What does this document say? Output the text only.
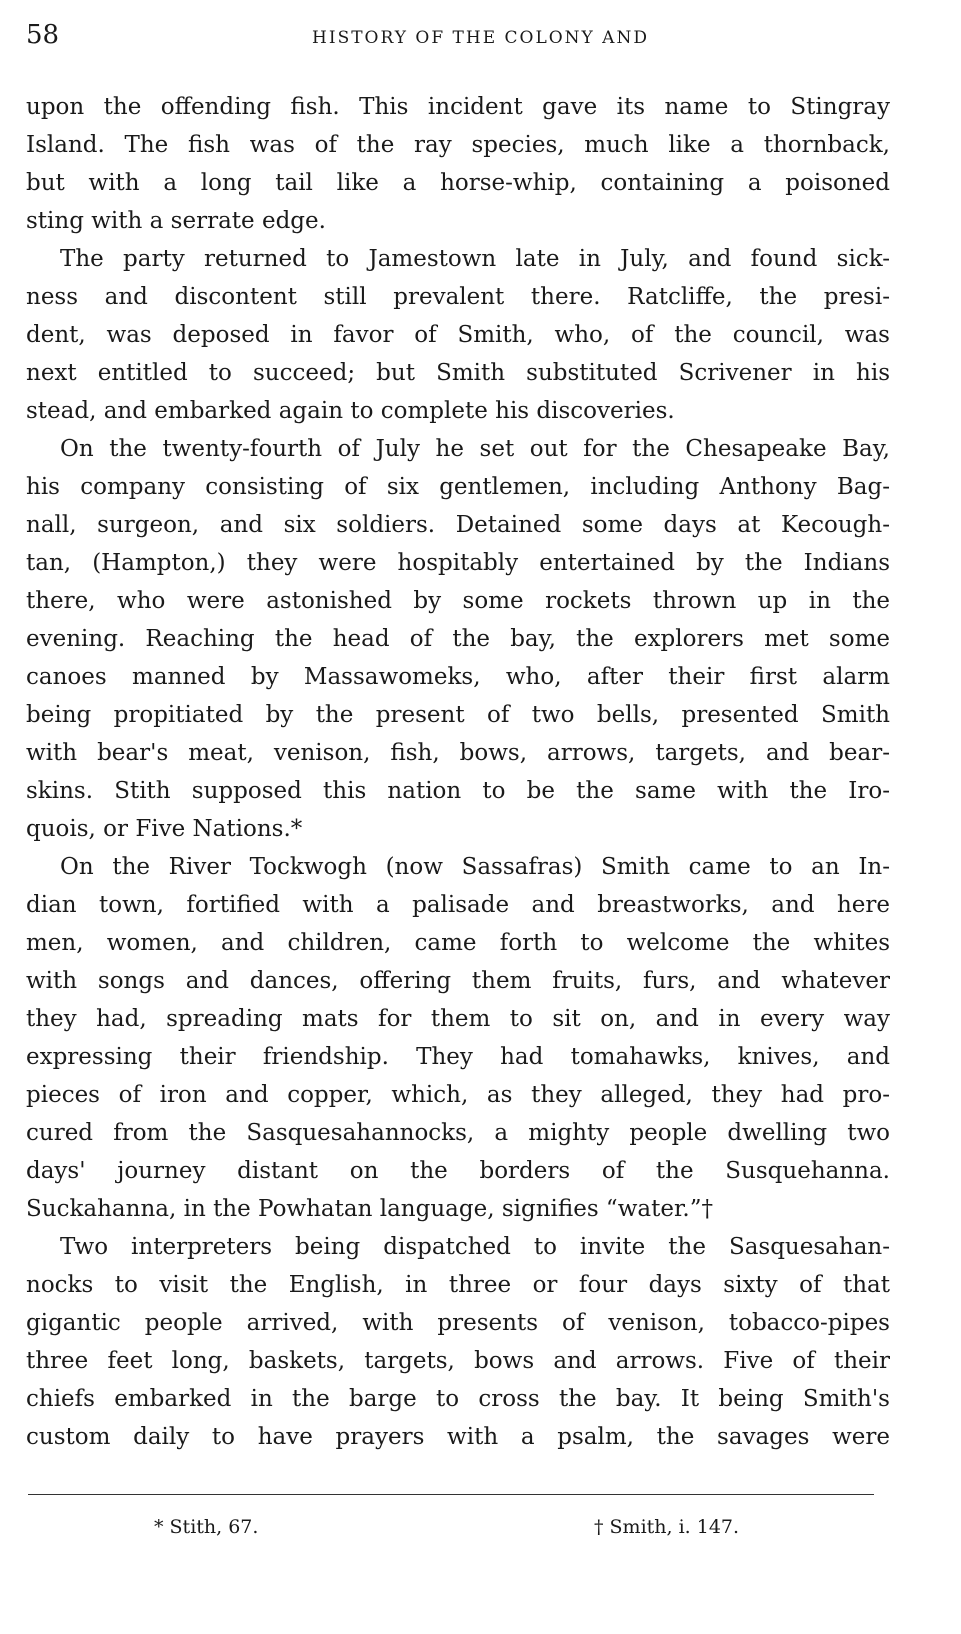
58	HISTORY OF THE COLONY AND
upon the offending fish. This incident gave its name to Stingray
Island. The fish was of the ray species, much like a thornback,
but with a long tail like a horse-whip, containing a poisoned
sting with a serrate edge.
The party returned to Jamestown late in July, and found sick-
ness and discontent still prevalent there. Ratcliffe, the presi-
dent, was deposed in favor of Smith, who, of the council, was
next entitled to succeed; but Smith substituted Scrivener in his
stead, and embarked again to complete his discoveries.
On the twenty-fourth of July he set out for the Chesapeake Bay,
his company consisting of six gentlemen, including Anthony Bag-
nall, surgeon, and six soldiers. Detained some days at Kecough-
tan, (Hampton,) they were hospitably entertained by the Indians
there, who were astonished by some rockets thrown up in the
evening. Reaching the head of the bay, the explorers met some
canoes manned by Massawomeks, who, after their first alarm
being propitiated by the present of two bells, presented Smith
with bear's meat, venison, fish, bows, arrows, targets, and bear-
skins. Stith supposed this nation to be the same with the Iro-
quois, or Five Nations.*
On the River Tockwogh (now Sassafras) Smith came to an In-
dian town, fortified with a palisade and breastworks, and here
men, women, and children, came forth to welcome the whites
with songs and dances, offering them fruits, furs, and whatever
they had, spreading mats for them to sit on, and in every way
expressing their friendship. They had tomahawks, knives, and
pieces of iron and copper, which, as they alleged, they had pro-
cured from the Sasquesahannocks, a mighty people dwelling two
days' journey distant on the borders of the Susquehanna.
Suckahanna, in the Powhatan language, signifies “water.”†
Two interpreters being dispatched to invite the Sasquesahan-
nocks to visit the English, in three or four days sixty of that
gigantic people arrived, with presents of venison, tobacco-pipes
three feet long, baskets, targets, bows and arrows. Five of their
chiefs embarked in the barge to cross the bay. It being Smith's
custom daily to have prayers with a psalm, the savages were
* Stith, 67.	† Smith, i. 147.
